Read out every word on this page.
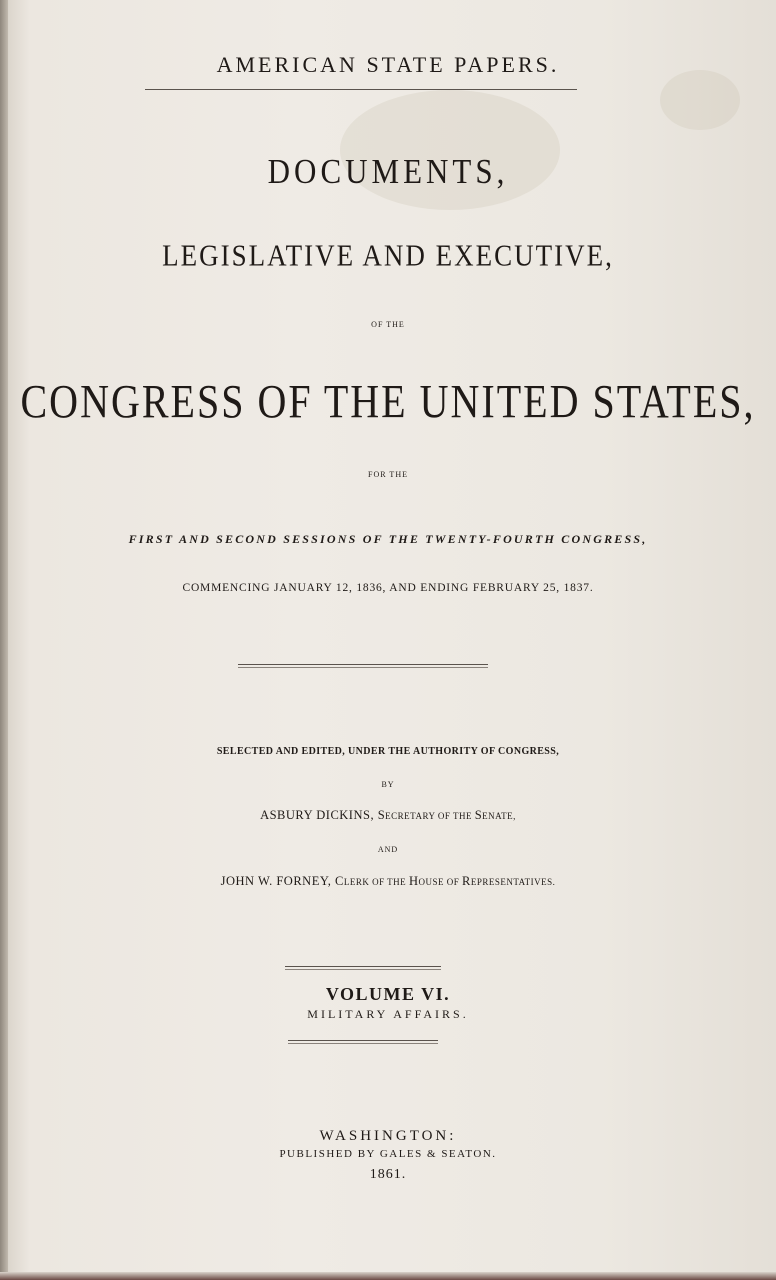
AMERICAN STATE PAPERS.
DOCUMENTS,
LEGISLATIVE AND EXECUTIVE,
OF THE
CONGRESS OF THE UNITED STATES,
FOR THE
FIRST AND SECOND SESSIONS OF THE TWENTY-FOURTH CONGRESS,
COMMENCING JANUARY 12, 1836, AND ENDING FEBRUARY 25, 1837.
SELECTED AND EDITED, UNDER THE AUTHORITY OF CONGRESS,
BY
ASBURY DICKINS, SECRETARY OF THE SENATE,
AND
JOHN W. FORNEY, CLERK OF THE HOUSE OF REPRESENTATIVES.
VOLUME VI.
MILITARY AFFAIRS.
WASHINGTON:
PUBLISHED BY GALES & SEATON.
1861.
